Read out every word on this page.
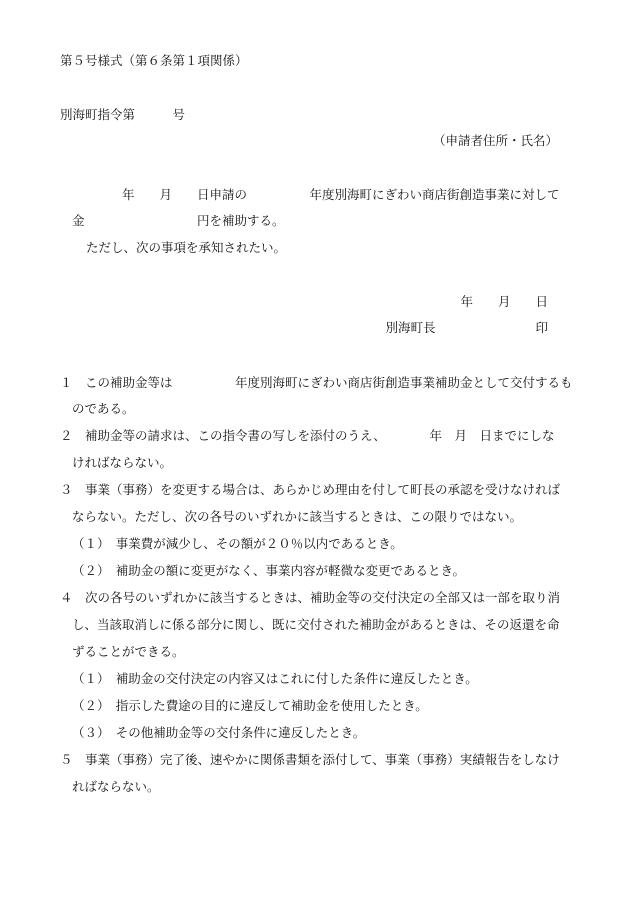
第５号様式（第６条第１項関係）
別海町指令第　　　号
（申請者住所・氏名）
年　　月　　日申請の　　　　　年度別海町にぎわい商店街創造事業に対して
金　　　　　　　　　円を補助する。
ただし、次の事項を承知されたい。
年　　月　　日
別海町長　　　　　　　　印
１　この補助金等は　　　　　年度別海町にぎわい商店街創造事業補助金として交付するも
のである。
２　補助金等の請求は、この指令書の写しを添付のうえ、　　　　年　月　日までにしな
ければならない。
３　事業（事務）を変更する場合は、あらかじめ理由を付して町長の承認を受けなければ
ならない。ただし、次の各号のいずれかに該当するときは、この限りではない。
（１）　事業費が減少し、その額が２０％以内であるとき。
（２）　補助金の額に変更がなく、事業内容が軽微な変更であるとき。
４　次の各号のいずれかに該当するときは、補助金等の交付決定の全部又は一部を取り消
し、当該取消しに係る部分に関し、既に交付された補助金があるときは、その返還を命
ずることができる。
（１）　補助金の交付決定の内容又はこれに付した条件に違反したとき。
（２）　指示した費途の目的に違反して補助金を使用したとき。
（３）　その他補助金等の交付条件に違反したとき。
５　事業（事務）完了後、速やかに関係書類を添付して、事業（事務）実績報告をしなけ
ればならない。
